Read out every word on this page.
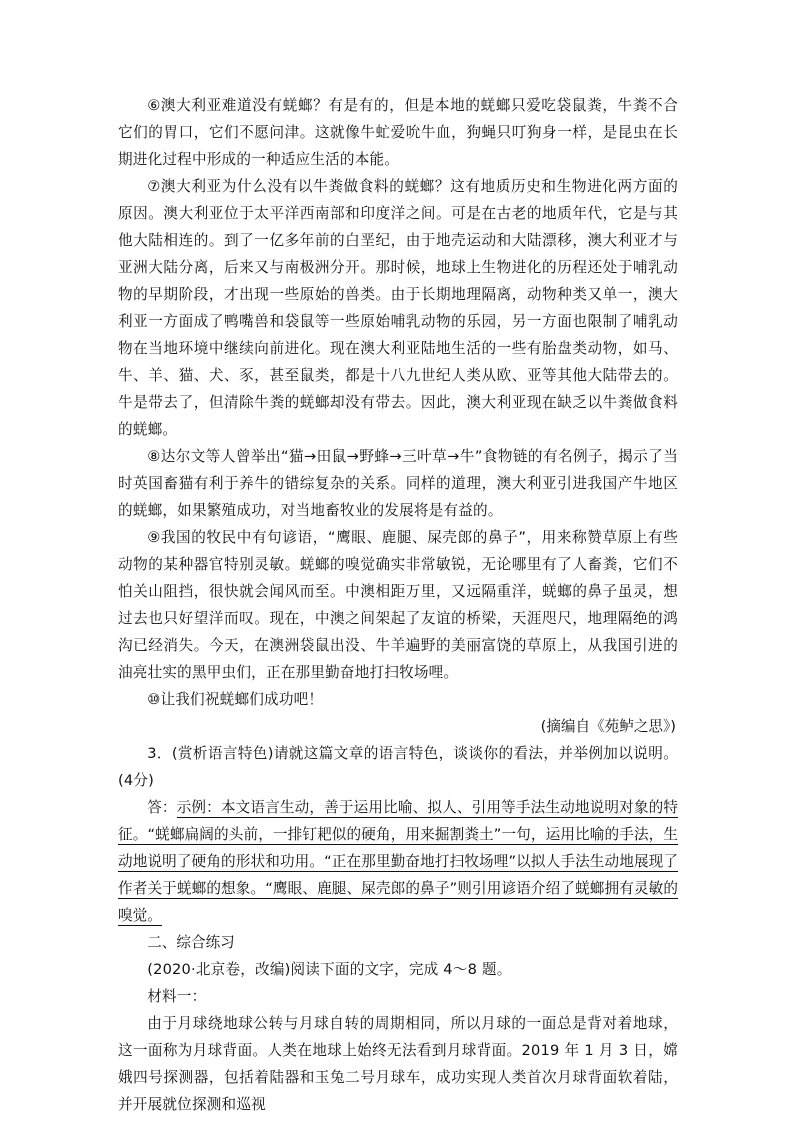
⑥澳大利亚难道没有蜣螂？有是有的，但是本地的蜣螂只爱吃袋鼠粪，牛粪不合它们的胃口，它们不愿问津。这就像牛虻爱吮牛血，狗蝇只叮狗身一样，是昆虫在长期进化过程中形成的一种适应生活的本能。

⑦澳大利亚为什么没有以牛粪做食料的蜣螂？这有地质历史和生物进化两方面的原因。澳大利亚位于太平洋西南部和印度洋之间。可是在古老的地质年代，它是与其他大陆相连的。到了一亿多年前的白垩纪，由于地壳运动和大陆漂移，澳大利亚才与亚洲大陆分离，后来又与南极洲分开。那时候，地球上生物进化的历程还处于哺乳动物的早期阶段，才出现一些原始的兽类。由于长期地理隔离，动物种类又单一，澳大利亚一方面成了鸭嘴兽和袋鼠等一些原始哺乳动物的乐园，另一方面也限制了哺乳动物在当地环境中继续向前进化。现在澳大利亚陆地生活的一些有胎盘类动物，如马、牛、羊、猫、犬、豕，甚至鼠类，都是十八九世纪人类从欧、亚等其他大陆带去的。牛是带去了，但清除牛粪的蜣螂却没有带去。因此，澳大利亚现在缺乏以牛粪做食料的蜣螂。

⑧达尔文等人曾举出“猫→田鼠→野蜂→三叶草→牛”食物链的有名例子，揭示了当时英国畜猫有利于养牛的错综复杂的关系。同样的道理，澳大利亚引进我国产牛地区的蜣螂，如果繁殖成功，对当地畜牧业的发展将是有益的。

⑨我国的牧民中有句谚语，“鹰眼、鹿腿、屎壳郎的鼻子”，用来称赞草原上有些动物的某种器官特别灵敏。蜣螂的嗅觉确实非常敏锐，无论哪里有了人畜粪，它们不怕关山阻挡，很快就会闻风而至。中澳相距万里，又远隔重洋，蜣螂的鼻子虽灵，想过去也只好望洋而叹。现在，中澳之间架起了友谊的桥梁，天涯咫尺，地理隔绝的鸿沟已经消失。今天，在澳洲袋鼠出没、牛羊遍野的美丽富饶的草原上，从我国引进的油亮壮实的黑甲虫们，正在那里勤奋地打扫牧场哩。

⑩让我们祝蜣螂们成功吧！

(摘编自《苑鲈之思》)

3．(赏析语言特色)请就这篇文章的语言特色，谈谈你的看法，并举例加以说明。(4分)

答：示例：本文语言生动，善于运用比喻、拟人、引用等手法生动地说明对象的特征。“蜣螂扁阔的头前，一排钉耙似的硬角，用来掘割粪土”一句，运用比喻的手法，生动地说明了硬角的形状和功用。“正在那里勤奋地打扫牧场哩”以拟人手法生动地展现了作者关于蜣螂的想象。“鹰眼、鹿腿、屎壳郎的鼻子”则引用谚语介绍了蜣螂拥有灵敏的嗅觉。

二、综合练习

(2020·北京卷，改编)阅读下面的文字，完成 4～8 题。

材料一：

由于月球绕地球公转与月球自转的周期相同，所以月球的一面总是背对着地球，这一面称为月球背面。人类在地球上始终无法看到月球背面。2019 年 1 月 3 日，嫦娥四号探测器，包括着陆器和玉兔二号月球车，成功实现人类首次月球背面软着陆，并开展就位探测和巡视
